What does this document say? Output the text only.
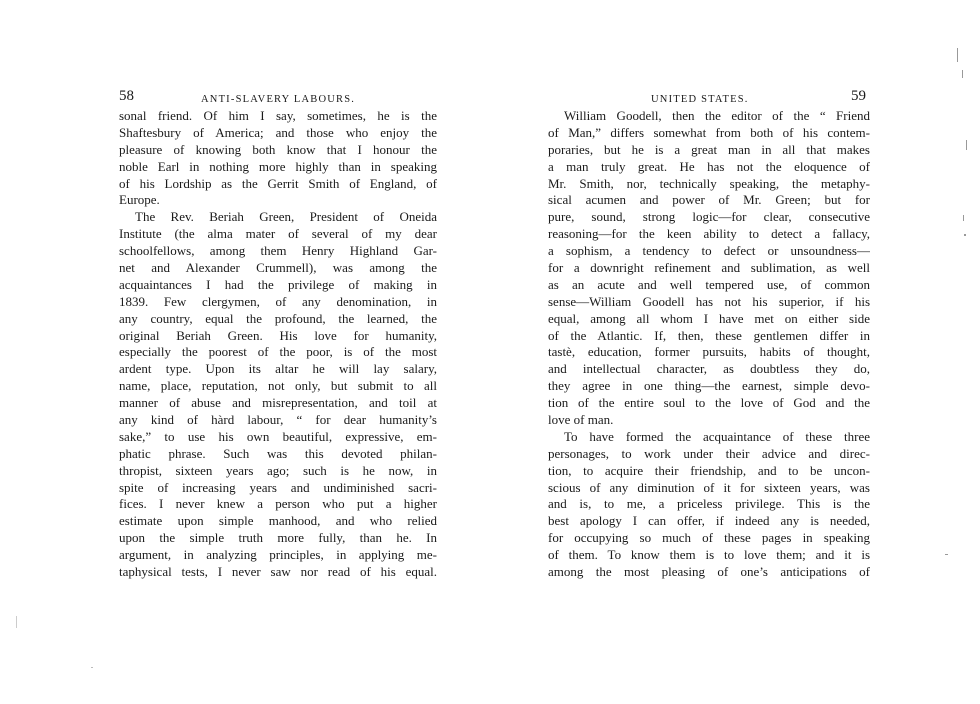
58	ANTI-SLAVERY LABOURS.
sonal friend. Of him I say, sometimes, he is the
Shaftesbury of America; and those who enjoy the
pleasure of knowing both know that I honour the
noble Earl in nothing more highly than in speaking
of his Lordship as the Gerrit Smith of England, of
Europe.
The Rev. Beriah Green, President of Oneida
Institute (the alma mater of several of my dear
schoolfellows, among them Henry Highland Gar-
net and Alexander Crummell), was among the
acquaintances I had the privilege of making in
1839. Few clergymen, of any denomination, in
any country, equal the profound, the learned, the
original Beriah Green. His love for humanity,
especially the poorest of the poor, is of the most
ardent type. Upon its altar he will lay salary,
name, place, reputation, not only, but submit to all
manner of abuse and misrepresentation, and toil at
any kind of hàrd labour, “ for dear humanity’s
sake,” to use his own beautiful, expressive, em-
phatic phrase. Such was this devoted philan-
thropist, sixteen years ago; such is he now, in
spite of increasing years and undiminished sacri-
fices. I never knew a person who put a higher
estimate upon simple manhood, and who relied
upon the simple truth more fully, than he. In
argument, in analyzing principles, in applying me-
taphysical tests, I never saw nor read of his equal.
UNITED STATES.	59
William Goodell, then the editor of the “ Friend
of Man,” differs somewhat from both of his contem-
poraries, but he is a great man in all that makes
a man truly great. He has not the eloquence of
Mr. Smith, nor, technically speaking, the metaphy-
sical acumen and power of Mr. Green; but for
pure, sound, strong logic—for clear, consecutive
reasoning—for the keen ability to detect a fallacy,
a sophism, a tendency to defect or unsoundness—
for a downright refinement and sublimation, as well
as an acute and well tempered use, of common
sense—William Goodell has not his superior, if his
equal, among all whom I have met on either side
of the Atlantic. If, then, these gentlemen differ in
tastè, education, former pursuits, habits of thought,
and intellectual character, as doubtless they do,
they agree in one thing—the earnest, simple devo-
tion of the entire soul to the love of God and the
love of man.
To have formed the acquaintance of these three
personages, to work under their advice and direc-
tion, to acquire their friendship, and to be uncon-
scious of any diminution of it for sixteen years, was
and is, to me, a priceless privilege. This is the
best apology I can offer, if indeed any is needed,
for occupying so much of these pages in speaking
of them. To know them is to love them; and it is
among the most pleasing of one’s anticipations of
